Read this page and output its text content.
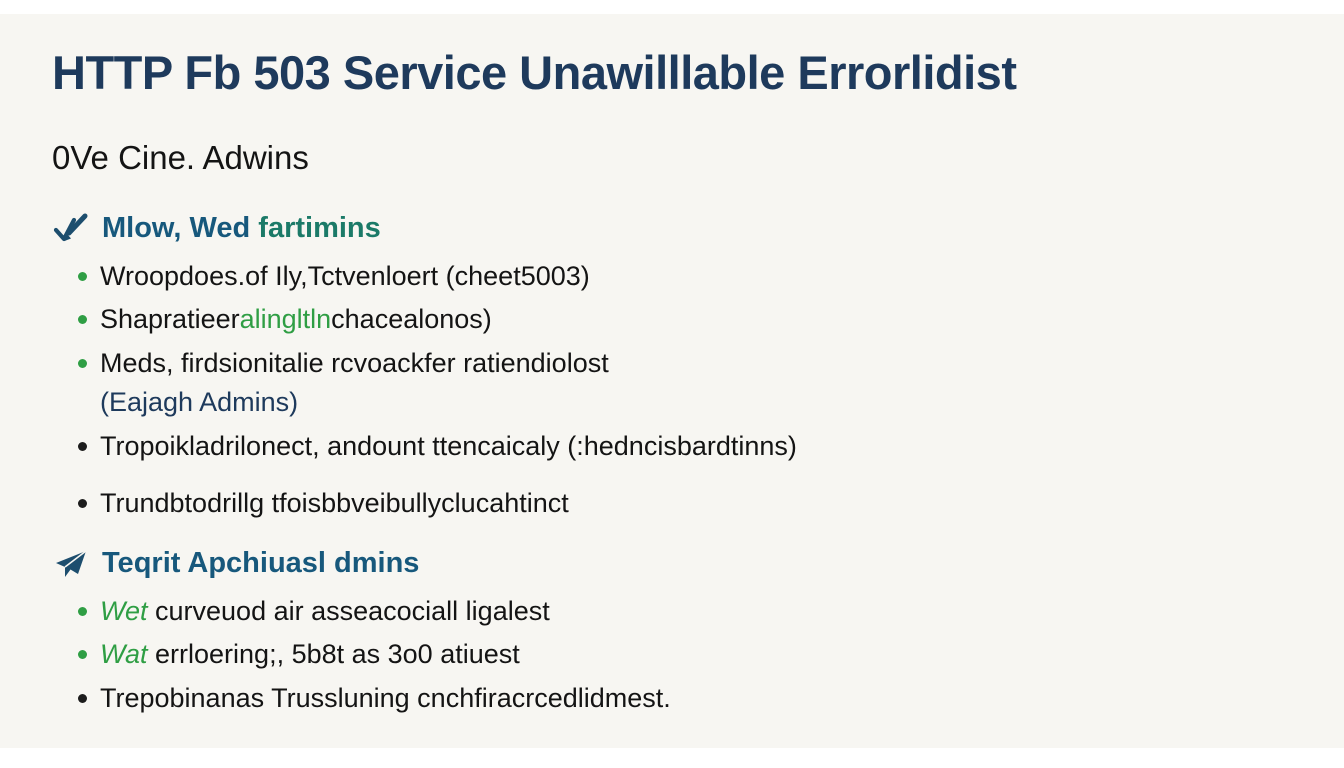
HTTP Fb 503 Service Unawilllable Errorlidist
0Ve Cine. Adwins
Mlow, Wed fartimins
Wroopdoes.of Ily,Tctvenloert (cheet5003)
Shapratieeralingltlnchacealonos)
Meds, firdsionitalie rcvoackfer ratiendiolost
(Eajagh Admins)
Tropoikladrilonect, andount ttencaicaly (:hedncisbardtinns)
Trundbtodrillg tfoisbbveibullyclucahtinct
Teqrit Apchiuasl dmins
Wet curveuod air asseacociall ligalest
Wat errloering;, 5b8t as 3o0 atiuest
Trepobinanas Trussluning cnchfiracrcedlidmest.
